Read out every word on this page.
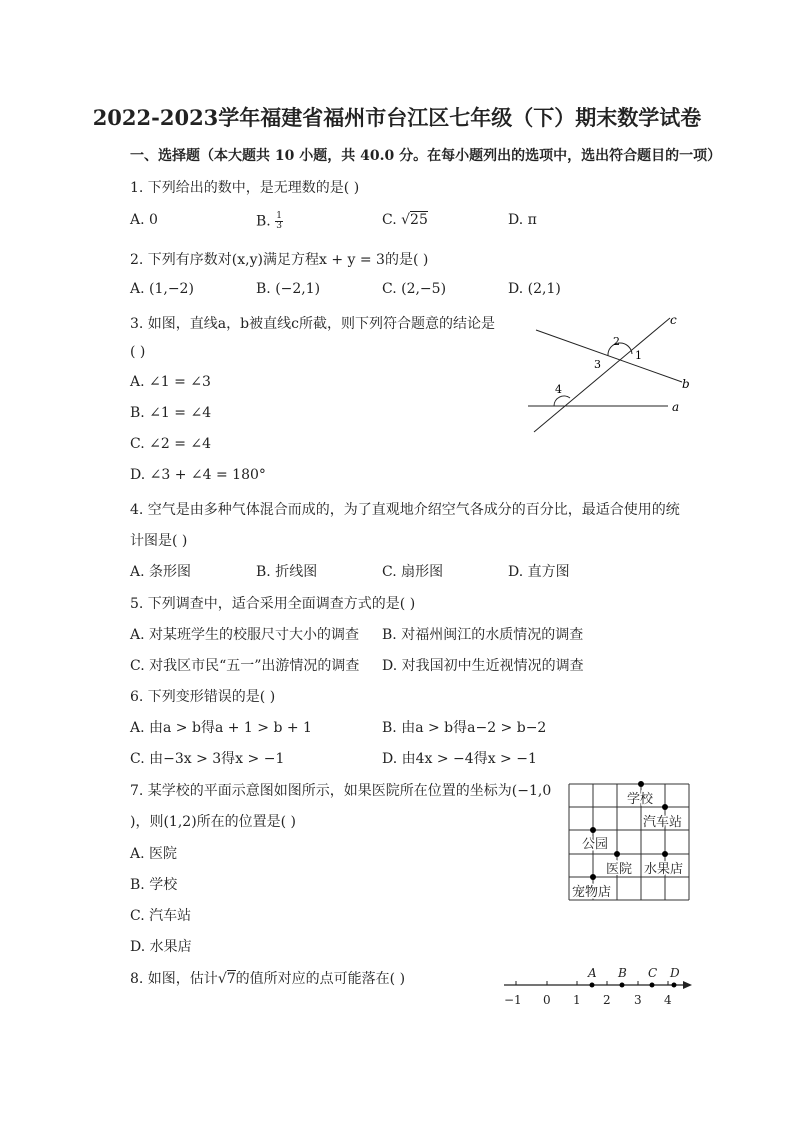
2022-2023学年福建省福州市台江区七年级（下）期末数学试卷
一、选择题（本大题共 10 小题，共 40.0 分。在每小题列出的选项中，选出符合题目的一项）
1. 下列给出的数中，是无理数的是( )
A. 0	B. $\frac{1}{3}$	C. √25	D. π
2. 下列有序数对(x,y)满足方程x + y = 3的是( )
A. (1,−2)	B. (−2,1)	C. (2,−5)	D. (2,1)
3. 如图，直线a，b被直线c所截，则下列符合题意的结论是
( )
A. ∠1 = ∠3
B. ∠1 = ∠4
C. ∠2 = ∠4
D. ∠3 + ∠4 = 180°
c
b
a
1
2
3
4
4. 空气是由多种气体混合而成的，为了直观地介绍空气各成分的百分比，最适合使用的统
计图是( )
A. 条形图	B. 折线图	C. 扇形图	D. 直方图
5. 下列调查中，适合采用全面调查方式的是( )
A. 对某班学生的校服尺寸大小的调查 B. 对福州闽江的水质情况的调查
C. 对我区市民“五一”出游情况的调查 D. 对我国初中生近视情况的调查
6. 下列变形错误的是( )
A. 由a > b得a + 1 > b + 1	B. 由a > b得a−2 > b−2
C. 由−3x > 3得x > −1	D. 由4x > −4得x > −1
7. 某学校的平面示意图如图所示，如果医院所在位置的坐标为(−1,0
)，则(1,2)所在的位置是( )
A. 医院
B. 学校
C. 汽车站
D. 水果店
学校
汽车站
公园
医院 水果店
宠物店
8. 如图，估计√7的值所对应的点可能落在( )	A B C D
−1 0 1 2 3 4
